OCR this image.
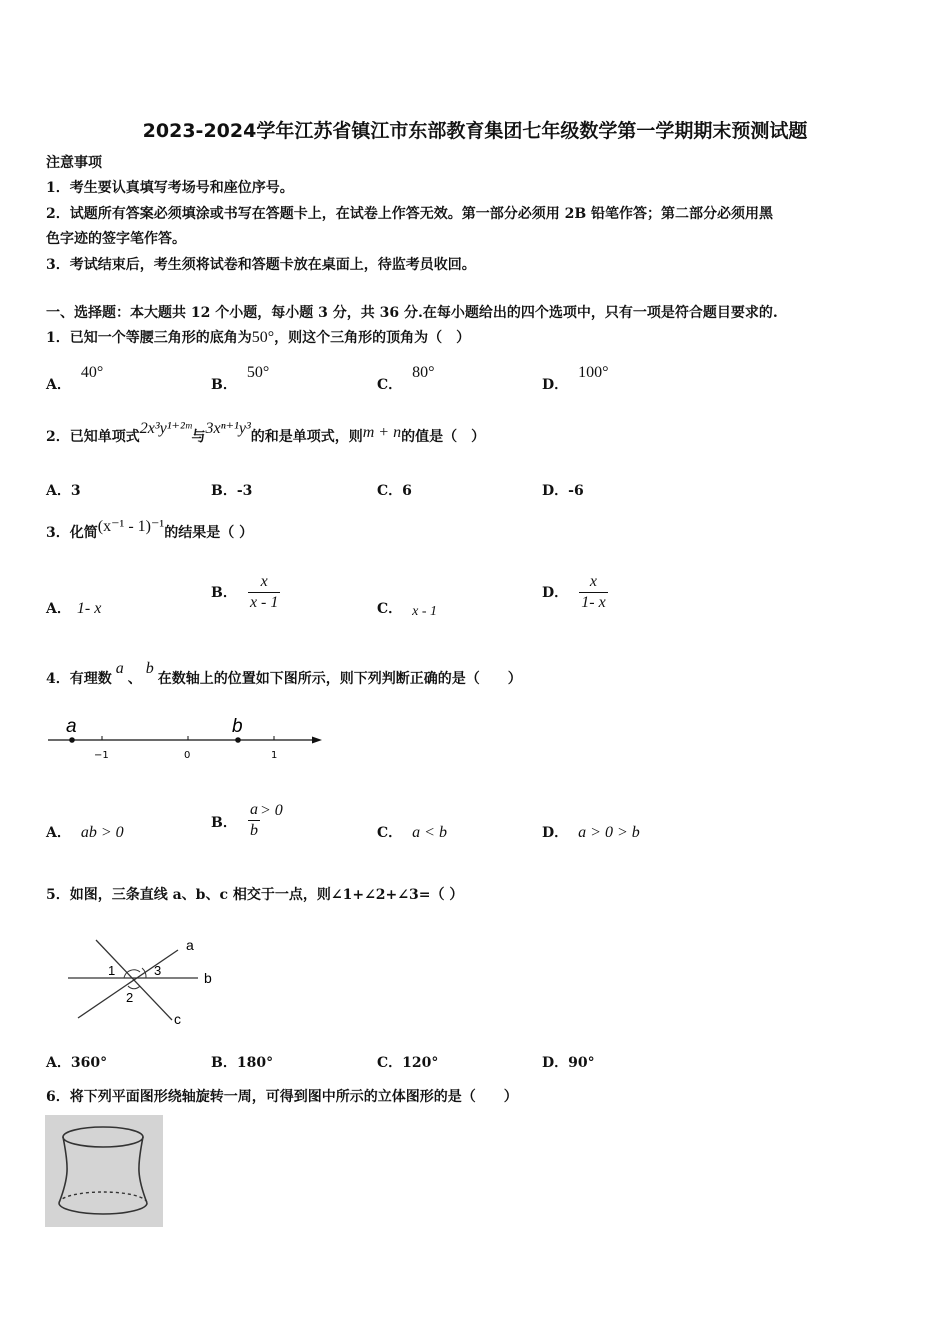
2023-2024学年江苏省镇江市东部教育集团七年级数学第一学期期末预测试题
注意事项
1．考生要认真填写考场号和座位序号。
2．试题所有答案必须填涂或书写在答题卡上，在试卷上作答无效。第一部分必须用 2B 铅笔作答；第二部分必须用黑
色字迹的签字笔作答。
3．考试结束后，考生须将试卷和答题卡放在桌面上，待监考员收回。
一、选择题：本大题共 12 个小题，每小题 3 分，共 36 分.在每小题给出的四个选项中，只有一项是符合题目要求的.
1．已知一个等腰三角形的底角为50°，则这个三角形的顶角为（　）
A．40°
B．50°
C．80°
D．100°
2．已知单项式2x³y¹⁺²ᵐ与3xⁿ⁺¹y³的和是单项式，则m + n的值是（　）
A．3	B．-3	C．6	D．-6
3．化简(x⁻¹ - 1)⁻¹的结果是（ ）
A． 1- x
B． $\frac{x}{x - 1}$	C． x - 1
D． $\frac{x}{1- x}$
4．有理数a、b在数轴上的位置如下图所示，则下列判断正确的是（　　）
a	b
−1	0	1
A． ab > 0
B． $\frac{a}{b} > 0$
C． a < b	D． a > 0 > b
5．如图，三条直线 a、b、c 相交于一点，则∠1+∠2+∠3=（ ）
a
b
c
1
2
3
A．360°	B．180°	C．120°	D．90°
6．将下列平面图形绕轴旋转一周，可得到图中所示的立体图形的是（　　）
